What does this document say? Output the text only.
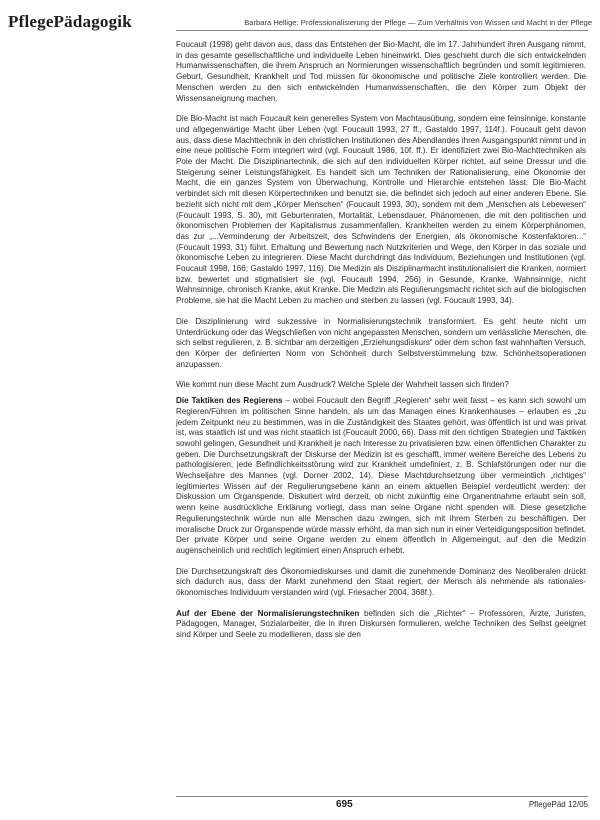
PflegePädagogik	Barbara Hellige: Professionalisierung der Pflege — Zum Verhältnis von Wissen und Macht in der Pflege

Foucault (1998) geht davon aus, dass das Entstehen der Bio-Macht, die im 17. Jahrhundert ihren Ausgang nimmt, in das gesamte gesellschaftliche und individuelle Leben hineinwirkt. Dies geschieht durch die sich entwickelnden Humanwissenschaften, die ihrem Anspruch an Normierungen wissenschaftlich begründen und somit legitimieren. Geburt, Gesundheit, Krankheit und Tod müssen für ökonomische und politische Ziele kontrolliert werden. Die Menschen werden zu den sich entwickelnden Humanwissenschaften, die den Körper zum Objekt der Wissensaneignung machen.

Die Bio-Macht ist nach Foucault kein generelles System von Machtausübung, sondern eine feinsinnige, konstante und allgegenwärtige Macht über Leben (vgl. Foucault 1993, 27 ff., Gastaldo 1997, 114f.). Foucault geht davon aus, dass diese Machttechnik in den christlichen Institutionen des Abendlandes ihren Ausgangspunkt nimmt und in eine neue politische Form integriert wird (vgl. Foucault 1986, 10f. ff.). Er identifiziert zwei Bio-Machttechniken als Pole der Macht. Die Disziplinartechnik, die sich auf den individuellen Körper richtet, auf seine Dressur und die Steigerung seiner Leistungsfähigkeit. Es handelt sich um Techniken der Rationalisierung, eine Ökonomie der Macht, die ein ganzes System von Überwachung, Kontrolle und Hierarchie entstehen lässt. Die Bio-Macht verbindet sich mit diesen Körpertechniken und benutzt sie, die befindet sich jedoch auf einer anderen Ebene. Sie bezieht sich nicht mit dem „Körper Menschen“ (Foucault 1993, 30), sondern mit dem „Menschen als Lebewesen“ (Foucault 1993, S. 30), mit Geburtenraten, Mortalität, Lebensdauer, Phänomenen, die mit den politischen und ökonomischen Problemen der Kapitalismus zusammenfallen. Krankheiten werden zu einem Körperphänomen, das zur „...Verminderung der Arbeitszeit, des Schwindens der Energien, als ökonomische Kostenfaktoren...“ (Foucault 1993, 31) führt. Erhaltung und Bewertung nach Nutzkriterien und Wege, den Körper in das soziale und ökonomische Leben zu integrieren. Diese Macht durchdringt das Individuum, Beziehungen und Institutionen (vgl. Foucault 1998, 166; Gastaldo 1997, 116). Die Medizin als Disziplinarmacht institutionalisiert die Kranken, normiert bzw. bewertet und stigmatisiert sie (vgl. Foucault 1994, 256) in Gesunde, Kranke, Wahnsinnige, nicht Wahnsinnige, chronisch Kranke, akut Kranke. Die Medizin als Regulierungsmacht richtet sich auf die biologischen Probleme, sie hat die Macht Leben zu machen und sterben zu lassen (vgl. Foucault 1993, 34).

Die Disziplinierung wird sukzessive in Normalisierungstechnik transformiert. Es geht heute nicht um Unterdrückung oder das Wegschließen von nicht angepassten Menschen, sondern um verlässliche Menschen, die sich selbst regulieren, z. B. sichtbar am derzeitigen „Erziehungsdiskurs“ oder dem schon fast wahnhaften Versuch, den Körper der definierten Norm von Schönheit durch Selbstverstümmelung bzw. Schönheitsoperationen anzupassen.

Wie kommt nun diese Macht zum Ausdruck? Welche Spiele der Wahrheit lassen sich finden?

Die Taktiken des Regierens – wobei Foucault den Begriff „Regieren“ sehr weit fasst – es kann sich sowohl um Regieren/Führen im politischen Sinne handeln, als um das Managen eines Krankenhauses – erlauben es „zu jedem Zeitpunkt neu zu bestimmen, was in die Zuständigkeit des Staates gehört, was öffentlich ist und was privat ist, was staatlich ist und was nicht staatlich ist (Foucault 2000, 66). Dass mit den richtigen Strategien und Taktiken sowohl gelingen, Gesundheit und Krankheit je nach Interesse zu privatisieren bzw. einen öffentlichen Charakter zu geben. Die Durchsetzungskraft der Diskurse der Medizin ist es geschafft, immer weitere Bereiche des Lebens zu pathologisieren, jede Befindlichkeitsstörung wird zur Krankheit umdefiniert, z. B. Schlafstörungen oder nur die Wechseljahre des Mannes (vgl. Dorner 2002, 14). Diese Machtdurchsetzung über vermeintlich „richtiges“ legitimiertes Wissen auf der Regulierungsebene kann an einem aktuellen Beispiel verdeutlicht werden: der Diskussion um Organspende. Diskutiert wird derzeit, ob nicht zukünftig eine Organentnahme erlaubt sein soll, wenn keine ausdrückliche Erklärung vorliegt, dass man seine Organe nicht spenden will. Diese gesetzliche Regulierungstechnik würde nun alle Menschen dazu zwingen, sich mit ihrem Sterben zu beschäftigen. Der moralische Druck zur Organspende würde massiv erhöht, da man sich nun in einer Verteidigungsposition befindet. Der private Körper und seine Organe werden zu einem öffentlich in Allgemeingut, auf den die Medizin augenscheinlich und rechtlich legitimiert einen Anspruch erhebt.

Die Durchsetzungskraft des Ökonomiediskurses und damit die zunehmende Dominanz des Neoliberalen drückt sich dadurch aus, dass der Markt zunehmend den Staat regiert, der Mensch als nehmende als rationales-ökonomisches Individuum verstanden wird (vgl. Friesacher 2004, 368f.).

Auf der Ebene der Normalisierungstechniken befinden sich die „Richter“ – Professoren, Ärzte, Juristen, Pädagogen, Manager, Sozialarbeiter, die in ihren Diskursen formulieren, welche Techniken des Selbst geeignet sind Körper und Seele zu modellieren, dass sie den

695	PflegePäd 12/05
